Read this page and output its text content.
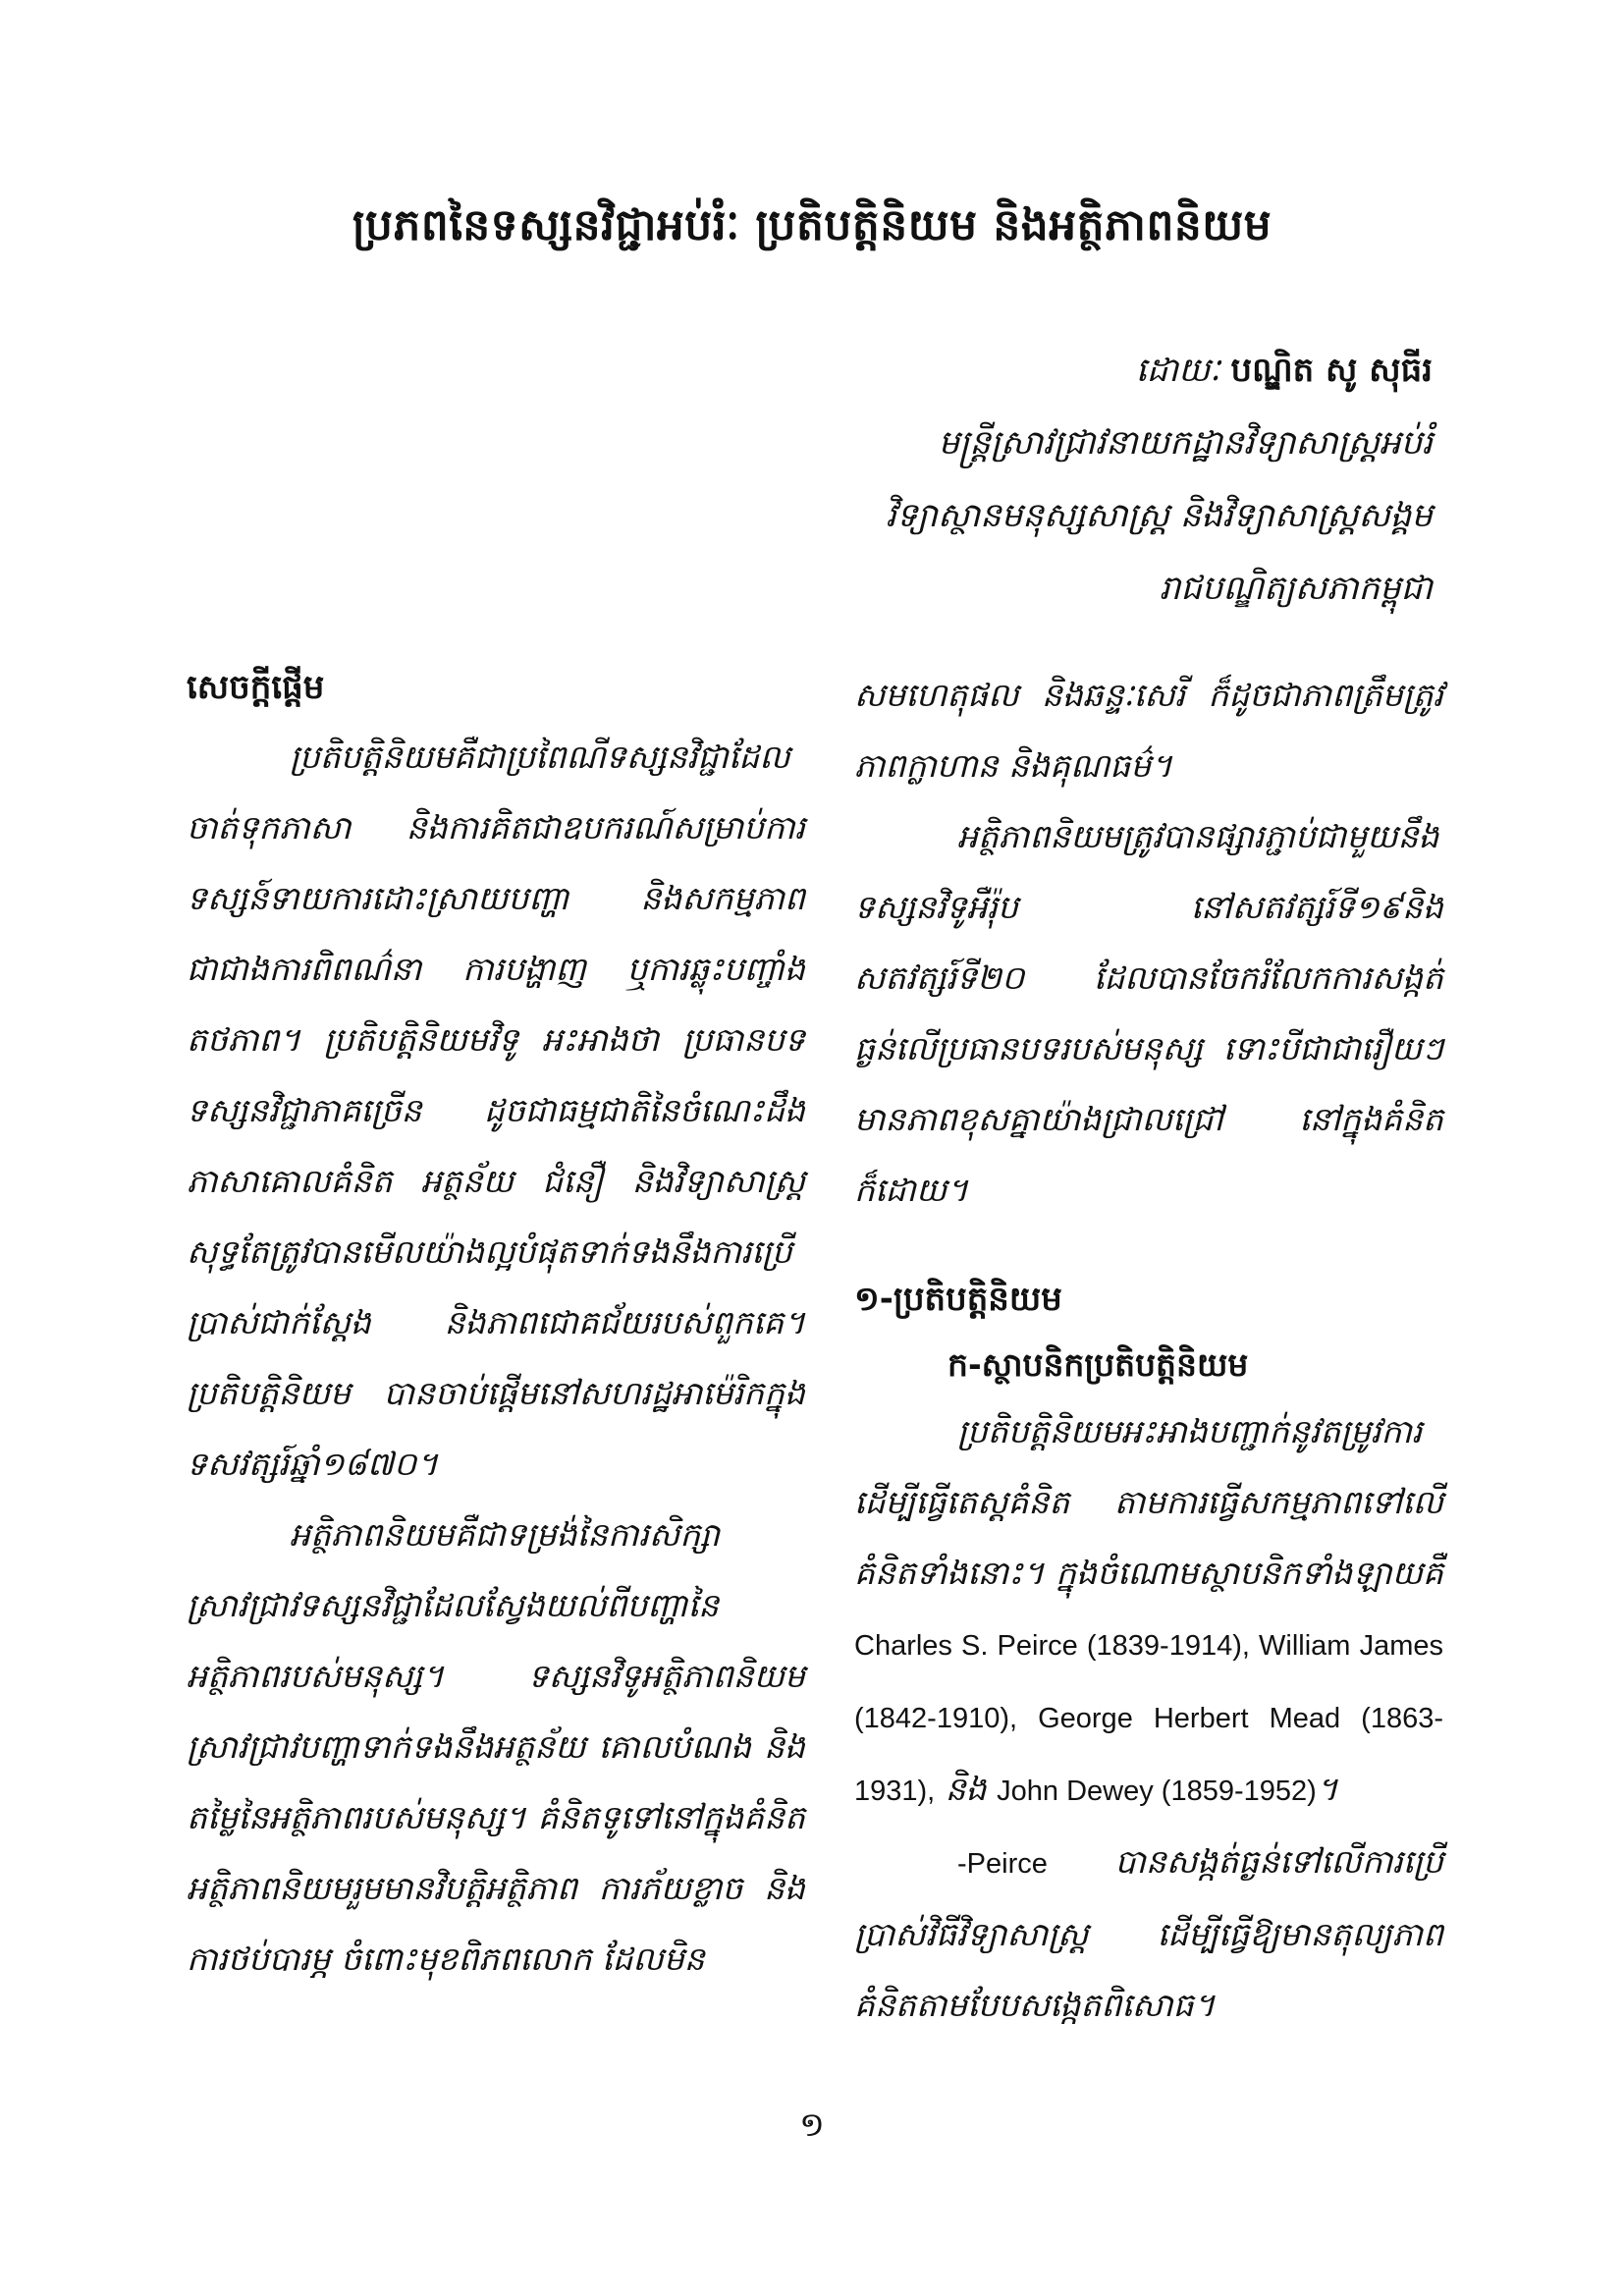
ប្រភពនៃទស្សនវិជ្ជាអប់រំៈ ប្រតិបត្តិនិយម និងអត្ថិភាពនិយម
ដោយៈ បណ្ឌិត សូ សុធីរ
មន្ត្រីស្រាវជ្រាវនាយកដ្ឋានវិទ្យាសាស្ត្រអប់រំ
វិទ្យាស្ថានមនុស្សសាស្ត្រ និងវិទ្យាសាស្ត្រសង្គម
រាជបណ្ឌិត្យសភាកម្ពុជា
សេចក្តីផ្តើម

ប្រតិបត្តិនិយមគឺជាប្រពៃណីទស្សនវិជ្ជាដែលចាត់ទុកភាសា និងការគិតជាឧបករណ៍សម្រាប់ការទស្សន៍ទាយការដោះស្រាយបញ្ហា និងសកម្មភាព ជាជាងការពិពណ៌នា ការបង្ហាញ ឬការឆ្លុះបញ្ចាំងតថភាព។ ប្រតិបត្តិនិយមវិទូ អះអាងថា ប្រធានបទទស្សនវិជ្ជាភាគច្រើន ដូចជាធម្មជាតិនៃចំណេះដឹង ភាសាគោលគំនិត អត្ថន័យ ជំនឿ និងវិទ្យាសាស្ត្រ សុទ្ធតែត្រូវបានមើលយ៉ាងល្អបំផុតទាក់ទងនឹងការប្រើប្រាស់ជាក់ស្តែង និងភាពជោគជ័យរបស់ពួកគេ។ ប្រតិបត្តិនិយម បានចាប់ផ្តើមនៅសហរដ្ឋអាម៉េរិកក្នុងទសវត្សរ៍ឆ្នាំ១៨៧០។

អត្ថិភាពនិយមគឺជាទម្រង់នៃការសិក្សាស្រាវជ្រាវទស្សនវិជ្ជាដែលស្វែងយល់ពីបញ្ហានៃអត្ថិភាពរបស់មនុស្ស។ ទស្សនវិទូអត្ថិភាពនិយម ស្រាវជ្រាវបញ្ហាទាក់ទងនឹងអត្ថន័យ គោលបំណង និងតម្លៃនៃអត្ថិភាពរបស់មនុស្ស។ គំនិតទូទៅនៅក្នុងគំនិតអត្ថិភាពនិយមរួមមានវិបត្តិអត្ថិភាព ការភ័យខ្លាច និងការថប់បារម្ភ ចំពោះមុខពិភពលោក ដែលមិន

សមហេតុផល និងឆន្ទៈសេរី ក៏ដូចជាភាពត្រឹមត្រូវ ភាពក្លាហាន និងគុណធម៌។

អត្ថិភាពនិយមត្រូវបានផ្សារភ្ជាប់ជាមួយនឹងទស្សនវិទូអឺរ៉ុប នៅសតវត្សរ៍ទី១៩និងសតវត្សរ៍ទី២០ ដែលបានចែករំលែកការសង្កត់ធ្ងន់លើប្រធានបទរបស់មនុស្ស ទោះបីជាជារឿយៗ មានភាពខុសគ្នាយ៉ាងជ្រាលជ្រៅ នៅក្នុងគំនិតក៏ដោយ។

១-ប្រតិបត្តិនិយម
ក-ស្ថាបនិកប្រតិបត្តិនិយម

ប្រតិបត្តិនិយមអះអាងបញ្ជាក់នូវតម្រូវការ ដើម្បីធ្វើតេស្តគំនិត តាមការធ្វើសកម្មភាពទៅលើគំនិតទាំងនោះ។ ក្នុងចំណោមស្ថាបនិកទាំងឡាយគឺ Charles S. Peirce (1839-1914), William James (1842-1910), George Herbert Mead (1863-1931), និង John Dewey (1859-1952)។

-Peirce បានសង្កត់ធ្ងន់ទៅលើការប្រើប្រាស់វិធីវិទ្យាសាស្ត្រ ដើម្បីធ្វើឱ្យមានតុល្យភាពគំនិតតាមបែបសង្កេតពិសោធ។

១
